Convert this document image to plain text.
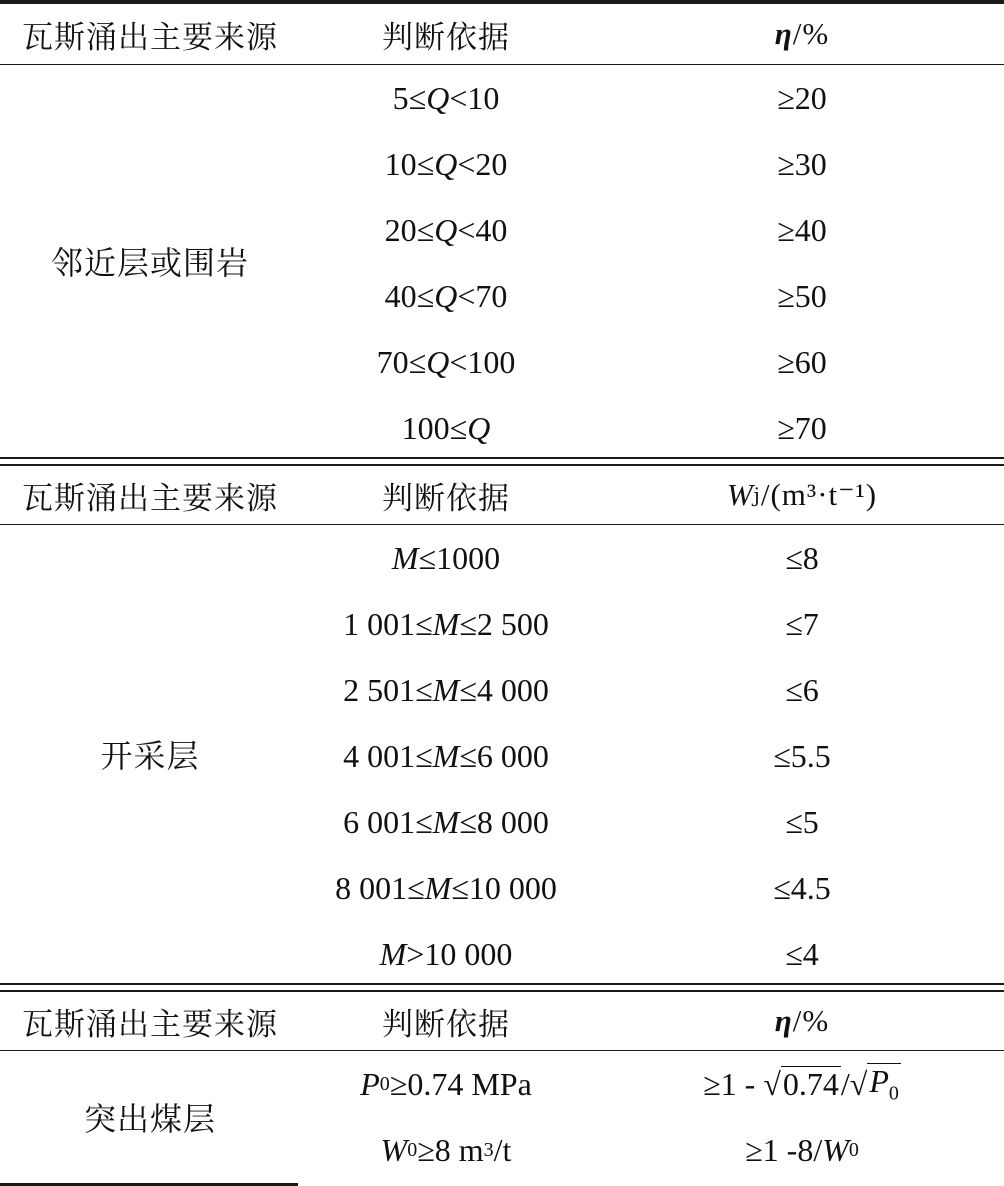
瓦斯涌出主要来源	判断依据	η /%
邻近层或围岩
5≤ Q <10	≥20
10≤ Q <20	≥30
20≤ Q <40	≥40
40≤ Q <70	≥50
70≤ Q <100	≥60
100≤ Q	≥70
瓦斯涌出主要来源	判断依据	W j /(m³·t⁻¹)
开采层
M ≤1000	≤8
1 001≤ M ≤2 500	≤7
2 501≤ M ≤4 000	≤6
4 001≤ M ≤6 000	≤5.5
6 001≤ M ≤8 000	≤5
8 001≤ M ≤10 000	≤4.5
M >10 000	≤4
瓦斯涌出主要来源	判断依据	η /%
突出煤层
P 0 ≥0.74 MPa	≥1 - √ 0.74 /√ $P_0$
W 0 ≥8 m 3 /t	≥1 -8/ W 0
